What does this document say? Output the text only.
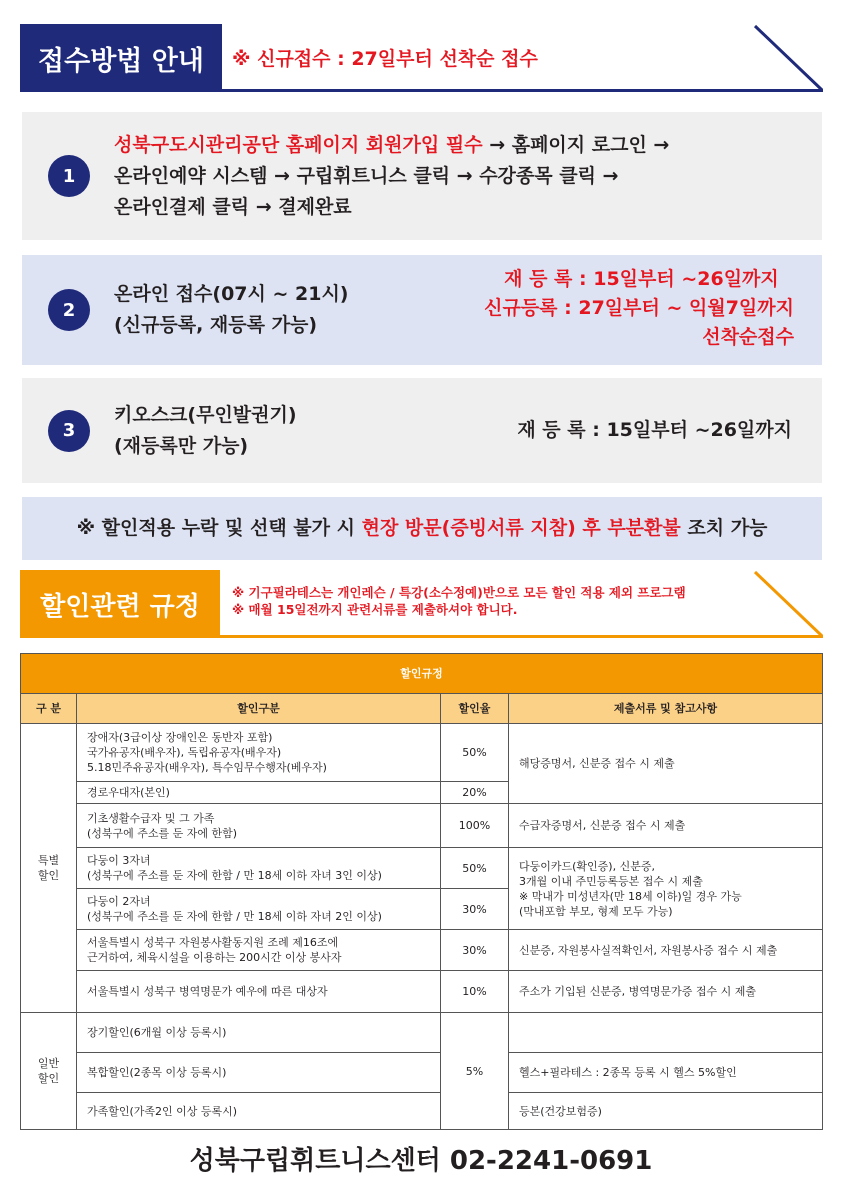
접수방법 안내	※ 신규접수 : 27일부터 선착순 접수
1
성북구도시관리공단 홈페이지 회원가입 필수 → 홈페이지 로그인 →
온라인예약 시스템 → 구립휘트니스 클릭 → 수강종목 클릭 →
온라인결제 클릭 → 결제완료
2
온라인 접수(07시 ~ 21시)
(신규등록, 재등록 가능)
재 등 록 : 15일부터 ~26일까지
신규등록 : 27일부터 ~ 익월7일까지
선착순접수
3
키오스크(무인발권기)
(재등록만 가능)
재 등 록 : 15일부터 ~26일까지
※ 할인적용 누락 및 선택 불가 시 현장 방문(증빙서류 지참) 후 부분환불 조치 가능
할인관련 규정	※ 기구필라테스는 개인레슨 / 특강(소수정예)반으로 모든 할인 적용 제외 프로그램
※ 매월 15일전까지 관련서류를 제출하셔야 합니다.
할인규정			
구 분	할인구분	할인율	제출서류 및 참고사항
특별
할인	장애자(3급이상 장애인은 동반자 포함)
국가유공자(배우자), 독립유공자(배우자)
5.18민주유공자(배우자), 특수임무수행자(베우자)	50%	해당증명서, 신분증 접수 시 제출
	경로우대자(본인)	20%	
	기초생활수급자 및 그 가족
(성북구에 주소를 둔 자에 한함)	100%	수급자증명서, 신분증 접수 시 제출
	다둥이 3자녀
(성북구에 주소를 둔 자에 한함 / 만 18세 이하 자녀 3인 이상)	50%	다둥이카드(확인증), 신분증,
3개월 이내 주민등록등본 접수 시 제출
※ 막내가 미성년자(만 18세 이하)일 경우 가능
(막내포함 부모, 형제 모두 가능)
	다둥이 2자녀
(성북구에 주소를 둔 자에 한함 / 만 18세 이하 자녀 2인 이상)	30%	
	서울특별시 성북구 자원봉사활동지원 조례 제16조에
근거하여, 체육시설을 이용하는 200시간 이상 봉사자	30%	신분증, 자원봉사실적확인서, 자원봉사증 접수 시 제출
	서울특별시 성북구 병역명문가 예우에 따른 대상자	10%	주소가 기입된 신분증, 병역명문가증 접수 시 제출
일반
할인	장기할인(6개월 이상 등록시)	5%	
	복합할인(2종목 이상 등록시)		헬스+필라테스 : 2종목 등록 시 헬스 5%할인
	가족할인(가족2인 이상 등록시)		등본(건강보험증)
성북구립휘트니스센터 02-2241-0691
